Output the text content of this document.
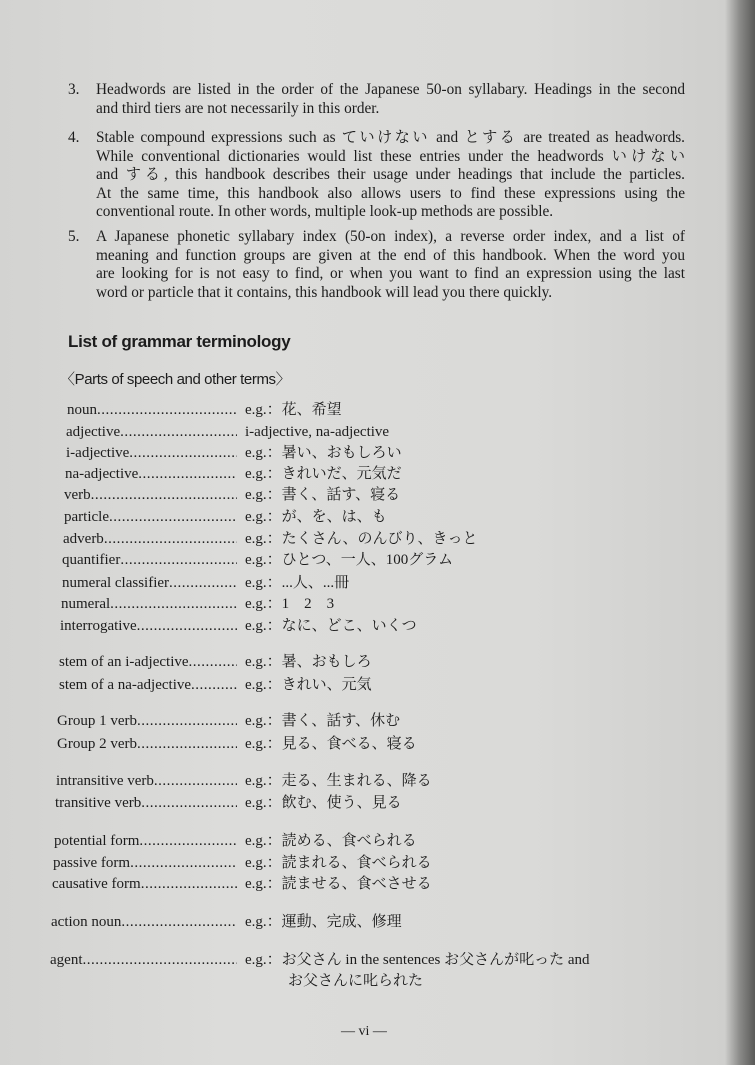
3. Headwords are listed in the order of the Japanese 50-on syllabary. Headings in the second
and third tiers are not necessarily in this order.
4. Stable compound expressions such as ていけない and とする are treated as headwords.
While conventional dictionaries would list these entries under the headwords いけない
and する, this handbook describes their usage under headings that include the particles.
At the same time, this handbook also allows users to find these expressions using the
conventional route. In other words, multiple look-up methods are possible.
5. A Japanese phonetic syllabary index (50-on index), a reverse order index, and a list of
meaning and function groups are given at the end of this handbook. When the word you
are looking for is not easy to find, or when you want to find an expression using the last
word or particle that it contains, this handbook will lead you there quickly.
List of grammar terminology
〈Parts of speech and other terms〉
noun .....	e.g.：花、希望
adjective .....	i-adjective, na-adjective
i-adjective .....	e.g.：暑い、おもしろい
na-adjective .....	e.g.：きれいだ、元気だ
verb .....	e.g.：書く、話す、寝る
particle .....	e.g.：が、を、は、も
adverb .....	e.g.：たくさん、のんびり、きっと
quantifier .....	e.g.：ひとつ、一人、100グラム
numeral classifier .....	e.g.：...人、...冊
numeral .....	e.g.：1　2　3
interrogative .....	e.g.：なに、どこ、いくつ
stem of an i-adjective .....	e.g.：暑、おもしろ
stem of a na-adjective .....	e.g.：きれい、元気
Group 1 verb .....	e.g.：書く、話す、休む
Group 2 verb .....	e.g.：見る、食べる、寝る
intransitive verb .....	e.g.：走る、生まれる、降る
transitive verb .....	e.g.：飲む、使う、見る
potential form .....	e.g.：読める、食べられる
passive form .....	e.g.：読まれる、食べられる
causative form .....	e.g.：読ませる、食べさせる
action noun .....	e.g.：運動、完成、修理
agent .....	e.g.：お父さん in the sentences お父さんが叱った and
お父さんに叱られた
— vi —
